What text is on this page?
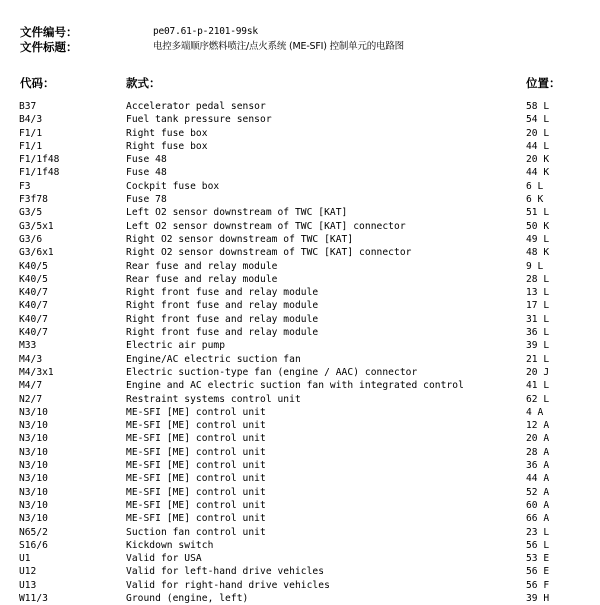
文件编号：	pe07.61-p-2101-99sk
文件标题：	电控多端顺序燃料喷注/点火系统 (ME-SFI) 控制单元的电路图
代码：	款式：	位置：
B37	Accelerator pedal sensor	58 L
B4/3	Fuel tank pressure sensor	54 L
F1/1	Right fuse box	20 L
F1/1	Right fuse box	44 L
F1/1f48	Fuse 48	20 K
F1/1f48	Fuse 48	44 K
F3	Cockpit fuse box	6 L
F3f78	Fuse 78	6 K
G3/5	Left O2 sensor downstream of TWC [KAT]	51 L
G3/5x1	Left O2 sensor downstream of TWC [KAT] connector	50 K
G3/6	Right O2 sensor downstream of TWC [KAT]	49 L
G3/6x1	Right O2 sensor downstream of TWC [KAT] connector	48 K
K40/5	Rear fuse and relay module	9 L
K40/5	Rear fuse and relay module	28 L
K40/7	Right front fuse and relay module	13 L
K40/7	Right front fuse and relay module	17 L
K40/7	Right front fuse and relay module	31 L
K40/7	Right front fuse and relay module	36 L
M33	Electric air pump	39 L
M4/3	Engine/AC electric suction fan	21 L
M4/3x1	Electric suction-type fan (engine / AAC) connector	20 J
M4/7	Engine and AC electric suction fan with integrated control	41 L
N2/7	Restraint systems control unit	62 L
N3/10	ME-SFI [ME] control unit	4 A
N3/10	ME-SFI [ME] control unit	12 A
N3/10	ME-SFI [ME] control unit	20 A
N3/10	ME-SFI [ME] control unit	28 A
N3/10	ME-SFI [ME] control unit	36 A
N3/10	ME-SFI [ME] control unit	44 A
N3/10	ME-SFI [ME] control unit	52 A
N3/10	ME-SFI [ME] control unit	60 A
N3/10	ME-SFI [ME] control unit	66 A
N65/2	Suction fan control unit	23 L
S16/6	Kickdown switch	56 L
U1	Valid for USA	53 E
U12	Valid for left-hand drive vehicles	56 E
U13	Valid for right-hand drive vehicles	56 F
W11/3	Ground (engine, left)	39 H
